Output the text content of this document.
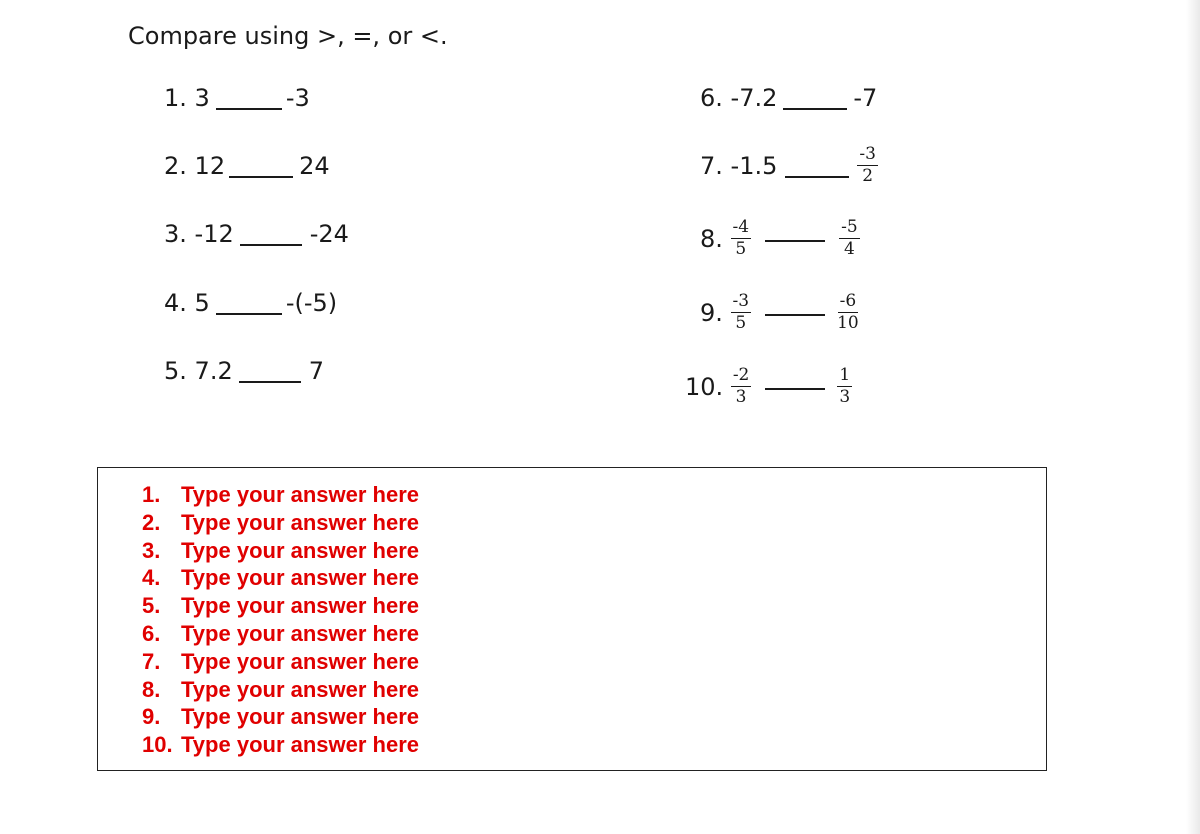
Compare using >, =, or <.
1.
3	-3
2.
12	24
3.
-12	-24
4.
5	-(-5)
5.
7.2	7
6.
-7.2	-7
7.
-1.5	$\frac{-3}{2}$
8.
$\frac{-4}{5}$	$\frac{-5}{4}$
9.
$\frac{-3}{5}$	$\frac{-6}{10}$
10.
$\frac{-2}{3}$	$\frac{1}{3}$
1. Type your answer here
2. Type your answer here
3. Type your answer here
4. Type your answer here
5. Type your answer here
6. Type your answer here
7. Type your answer here
8. Type your answer here
9. Type your answer here
10. Type your answer here
